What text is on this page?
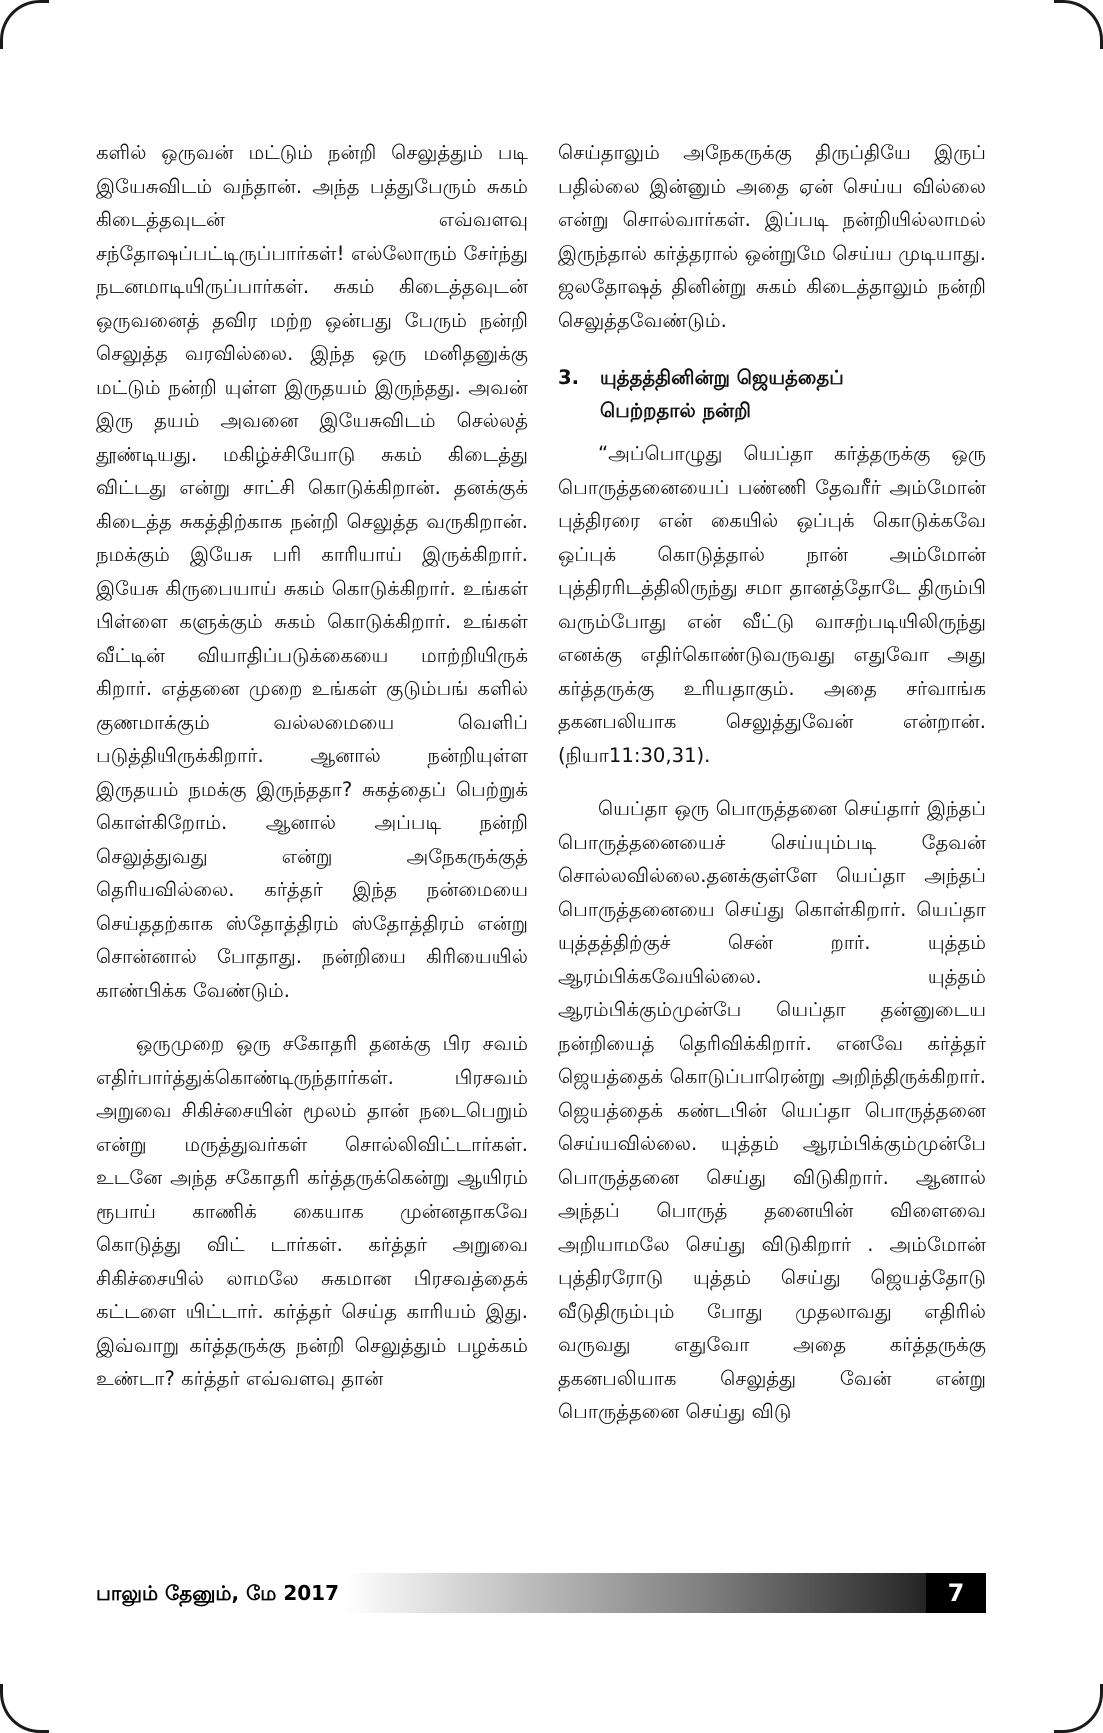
களில் ஒருவன் மட்டும் நன்றி செலுத்தும் படி இயேசுவிடம் வந்தான். அந்த பத்துபேரும் சுகம் கிடைத்தவுடன் எவ்வளவு சந்தோஷப்பட்டிருப்பார்கள்! எல்லோரும் சேர்ந்து நடனமாடியிருப்பார்கள். சுகம் கிடைத்தவுடன் ஒருவனைத் தவிர மற்ற ஒன்பது பேரும் நன்றி செலுத்த வரவில்லை. இந்த ஒரு மனிதனுக்கு மட்டும் நன்றி யுள்ள இருதயம் இருந்தது. அவன் இரு தயம் அவனை இயேசுவிடம் செல்லத் தூண்டியது. மகிழ்ச்சியோடு சுகம் கிடைத்து விட்டது என்று சாட்சி கொடுக்கிறான். தனக்குக் கிடைத்த சுகத்திற்காக நன்றி செலுத்த வருகிறான். நமக்கும் இயேசு பரி காரியாய் இருக்கிறார். இயேசு கிருபையாய் சுகம் கொடுக்கிறார். உங்கள் பிள்ளை களுக்கும் சுகம் கொடுக்கிறார். உங்கள் வீட்டின் வியாதிப்படுக்கையை மாற்றியிருக் கிறார். எத்தனை முறை உங்கள் குடும்பங் களில் குணமாக்கும் வல்லமையை வெளிப் படுத்தியிருக்கிறார். ஆனால் நன்றியுள்ள இருதயம் நமக்கு இருந்ததா? சுகத்தைப் பெற்றுக் கொள்கிறோம். ஆனால் அப்படி நன்றி செலுத்துவது என்று அநேகருக்குத் தெரியவில்லை. கர்த்தர் இந்த நன்மையை செய்ததற்காக ஸ்தோத்திரம் ஸ்தோத்திரம் என்று சொன்னால் போதாது. நன்றியை கிரியையில் காண்பிக்க வேண்டும்.

ஒருமுறை ஒரு சகோதரி தனக்கு பிர சவம் எதிர்பார்த்துக்கொண்டிருந்தார்கள்.	பிரசவம் அறுவை சிகிச்சையின் மூலம் தான் நடைபெறும் என்று மருத்துவர்கள் சொல்லிவிட்டார்கள். உடனே அந்த சகோதரி கர்த்தருக்கென்று ஆயிரம் ரூபாய் காணிக் கையாக முன்னதாகவே கொடுத்து விட் டார்கள். கர்த்தர் அறுவை சிகிச்சையில் லாமலே சுகமான பிரசவத்தைக் கட்டளை யிட்டார். கர்த்தர் செய்த காரியம் இது. இவ்வாறு கர்த்தருக்கு நன்றி செலுத்தும் பழக்கம் உண்டா? கர்த்தர் எவ்வளவு தான்

செய்தாலும் அநேகருக்கு திருப்தியே இருப் பதில்லை இன்னும் அதை ஏன் செய்ய வில்லை என்று சொல்வார்கள். இப்படி நன்றியில்லாமல் இருந்தால் கர்த்தரால் ஒன்றுமே செய்ய முடியாது. ஜலதோஷத் தினின்று சுகம் கிடைத்தாலும் நன்றி செலுத்தவேண்டும்.

3. யுத்தத்தினின்று ஜெயத்தைப்
பெற்றதால் நன்றி

“அப்பொழுது யெப்தா கர்த்தருக்கு ஒரு பொருத்தனையைப் பண்ணி தேவரீர் அம்மோன் புத்திரரை என் கையில் ஒப்புக் கொடுக்கவே ஒப்புக் கொடுத்தால் நான் அம்மோன் புத்திரரிடத்திலிருந்து சமா தானத்தோடே திரும்பி வரும்போது என் வீட்டு வாசற்படியிலிருந்து எனக்கு எதிர்கொண்டுவருவது எதுவோ அது கர்த்தருக்கு உரியதாகும். அதை சர்வாங்க தகனபலியாக செலுத்துவேன் என்றான். (நியா11:30,31).

யெப்தா ஒரு பொருத்தனை செய்தார் இந்தப் பொருத்தனையைச் செய்யும்படி தேவன் சொல்லவில்லை.தனக்குள்ளே யெப்தா அந்தப் பொருத்தனையை செய்து கொள்கிறார். யெப்தா யுத்தத்திற்குச் சென்	றார். யுத்தம் ஆரம்பிக்கவேயில்லை. யுத்தம் ஆரம்பிக்கும்முன்பே யெப்தா தன்னுடைய நன்றியைத் தெரிவிக்கிறார். எனவே கர்த்தர் ஜெயத்தைக் கொடுப்பாரென்று அறிந்திருக்கிறார். ஜெயத்தைக் கண்டபின் யெப்தா பொருத்தனை செய்யவில்லை. யுத்தம் ஆரம்பிக்கும்முன்பே பொருத்தனை செய்து விடுகிறார். ஆனால் அந்தப் பொருத் தனையின் விளைவை அறியாமலே செய்து விடுகிறார் . அம்மோன் புத்திரரோடு யுத்தம் செய்து ஜெயத்தோடு வீடுதிரும்பும் போது முதலாவது எதிரில் வருவது எதுவோ அதை கர்த்தருக்கு தகனபலியாக செலுத்து வேன் என்று பொருத்தனை செய்து விடு

பாலும் தேனும், மே 2017	7
